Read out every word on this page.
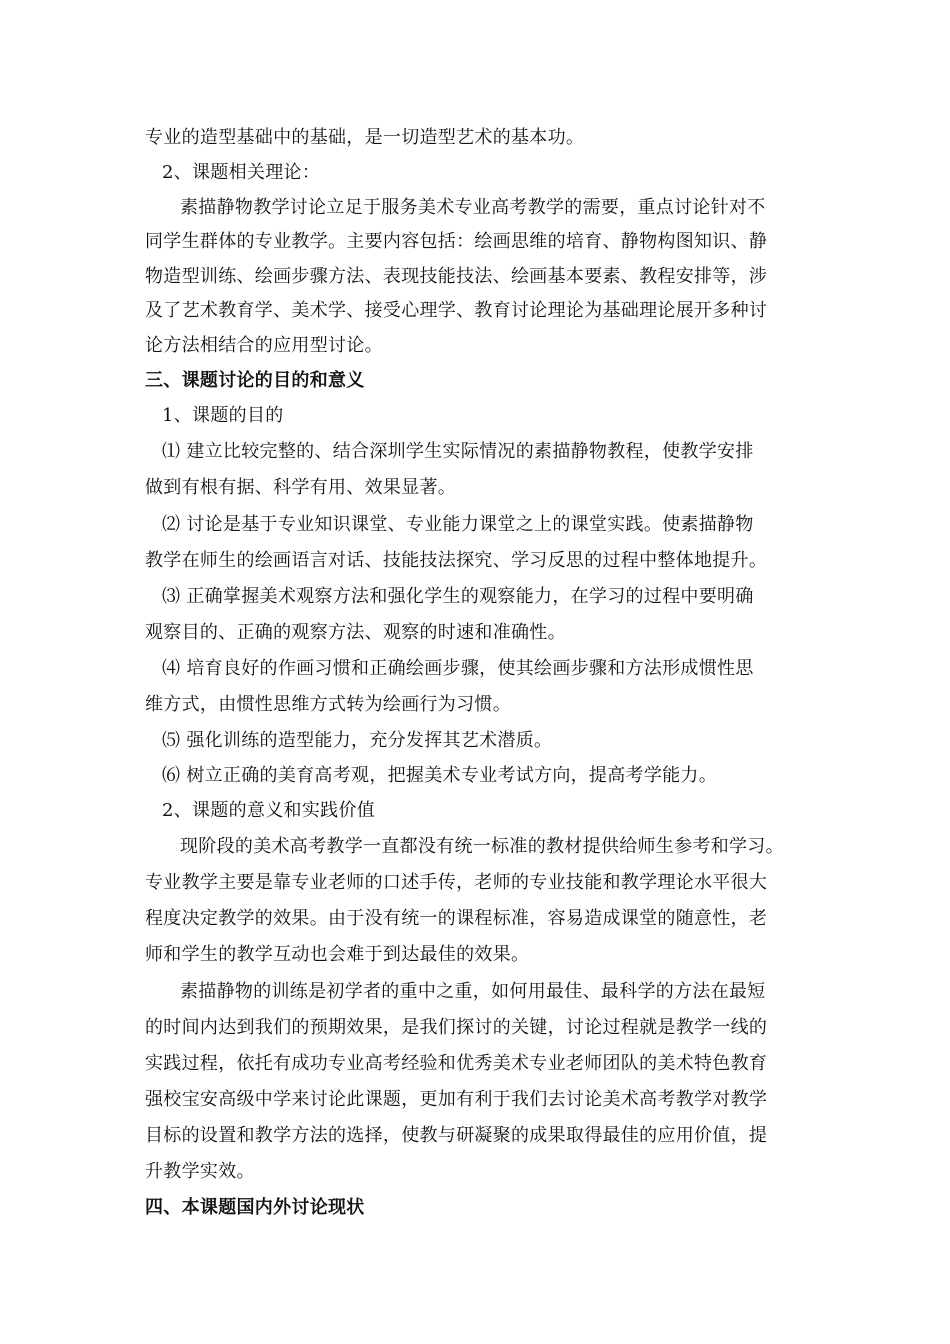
专业的造型基础中的基础，是一切造型艺术的基本功。
2、课题相关理论：
素描静物教学讨论立足于服务美术专业高考教学的需要，重点讨论针对不
同学生群体的专业教学。主要内容包括：绘画思维的培育、静物构图知识、静
物造型训练、绘画步骤方法、表现技能技法、绘画基本要素、教程安排等，涉
及了艺术教育学、美术学、接受心理学、教育讨论理论为基础理论展开多种讨
论方法相结合的应用型讨论。
三、课题讨论的目的和意义
1、课题的目的
⑴ 建立比较完整的、结合深圳学生实际情况的素描静物教程，使教学安排
做到有根有据、科学有用、效果显著。
⑵ 讨论是基于专业知识课堂、专业能力课堂之上的课堂实践。使素描静物
教学在师生的绘画语言对话、技能技法探究、学习反思的过程中整体地提升。
⑶ 正确掌握美术观察方法和强化学生的观察能力，在学习的过程中要明确
观察目的、正确的观察方法、观察的时速和准确性。
⑷ 培育良好的作画习惯和正确绘画步骤，使其绘画步骤和方法形成惯性思
维方式，由惯性思维方式转为绘画行为习惯。
⑸ 强化训练的造型能力，充分发挥其艺术潜质。
⑹ 树立正确的美育高考观，把握美术专业考试方向，提高考学能力。
2、课题的意义和实践价值
现阶段的美术高考教学一直都没有统一标准的教材提供给师生参考和学习。
专业教学主要是靠专业老师的口述手传，老师的专业技能和教学理论水平很大
程度决定教学的效果。由于没有统一的课程标准，容易造成课堂的随意性，老
师和学生的教学互动也会难于到达最佳的效果。
素描静物的训练是初学者的重中之重，如何用最佳、最科学的方法在最短
的时间内达到我们的预期效果，是我们探讨的关键，讨论过程就是教学一线的
实践过程，依托有成功专业高考经验和优秀美术专业老师团队的美术特色教育
强校宝安高级中学来讨论此课题，更加有利于我们去讨论美术高考教学对教学
目标的设置和教学方法的选择，使教与研凝聚的成果取得最佳的应用价值，提
升教学实效。
四、本课题国内外讨论现状
